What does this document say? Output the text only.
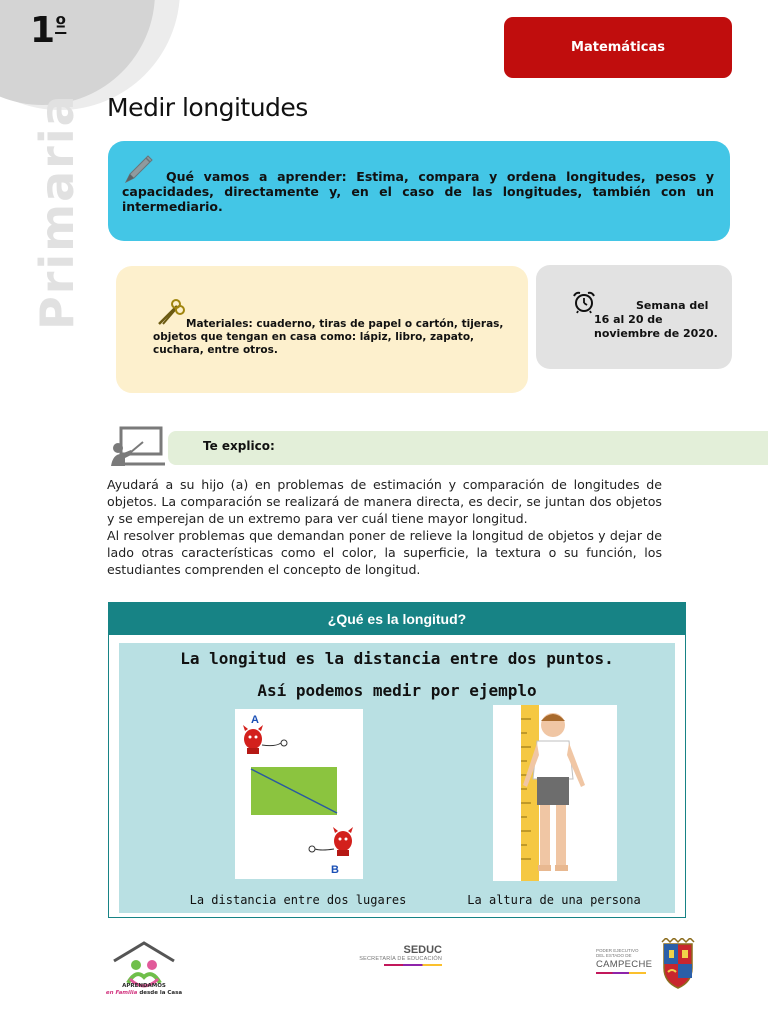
$1^º$
Primaria
Matemáticas
Medir longitudes
Qué vamos a aprender: Estima, compara y ordena longitudes, pesos y capacidades, directamente y, en el caso de las longitudes, también con un intermediario.
Materiales: cuaderno, tiras de papel o cartón, tijeras, objetos que tengan en casa como: lápiz, libro, zapato, cuchara, entre otros.
Semana del 16 al 20 de noviembre de 2020.
Te explico:

Ayudará a su hijo (a) en problemas de estimación y comparación de longitudes de objetos. La comparación se realizará de manera directa, es decir, se juntan dos objetos y se emperejan de un extremo para ver cuál tiene mayor longitud.

Al resolver problemas que demandan poner de relieve la longitud de objetos y dejar de lado otras características como el color, la superficie, la textura o su función, los estudiantes comprenden el concepto de longitud.

¿Qué es la longitud?
La longitud es la distancia entre dos puntos.
Así podemos medir por ejemplo
A
B
La distancia entre dos lugares	La altura de una persona
APRENDAMOS
en Familia desde la Casa
SEDUC
SECRETARÍA DE EDUCACIÓN
PODER EJECUTIVO
DEL ESTADO DE
CAMPECHE
